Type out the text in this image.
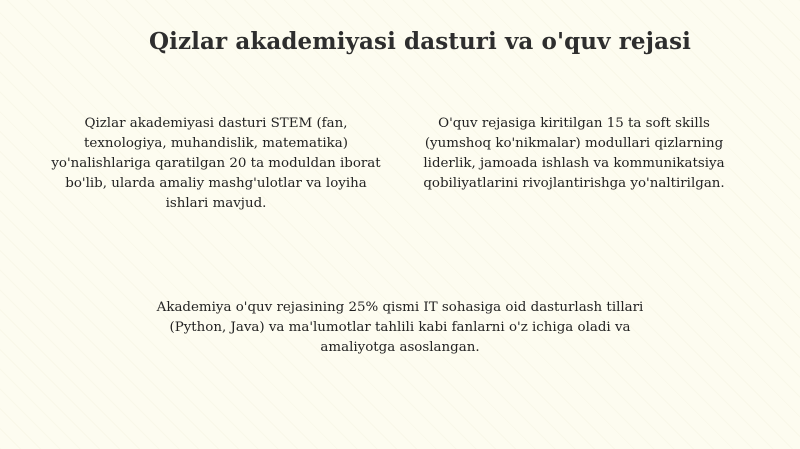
Qizlar akademiyasi dasturi va o'quv rejasi
Qizlar akademiyasi dasturi STEM (fan, texnologiya, muhandislik, matematika) yo'nalishlariga qaratilgan 20 ta moduldan iborat bo'lib, ularda amaliy mashg'ulotlar va loyiha ishlari mavjud.
O'quv rejasiga kiritilgan 15 ta soft skills (yumshoq ko'nikmalar) modullari qizlarning liderlik, jamoada ishlash va kommunikatsiya qobiliyatlarini rivojlantirishga yo'naltirilgan.
Akademiya o'quv rejasining 25% qismi IT sohasiga oid dasturlash tillari (Python, Java) va ma'lumotlar tahlili kabi fanlarni o'z ichiga oladi va amaliyotga asoslangan.
